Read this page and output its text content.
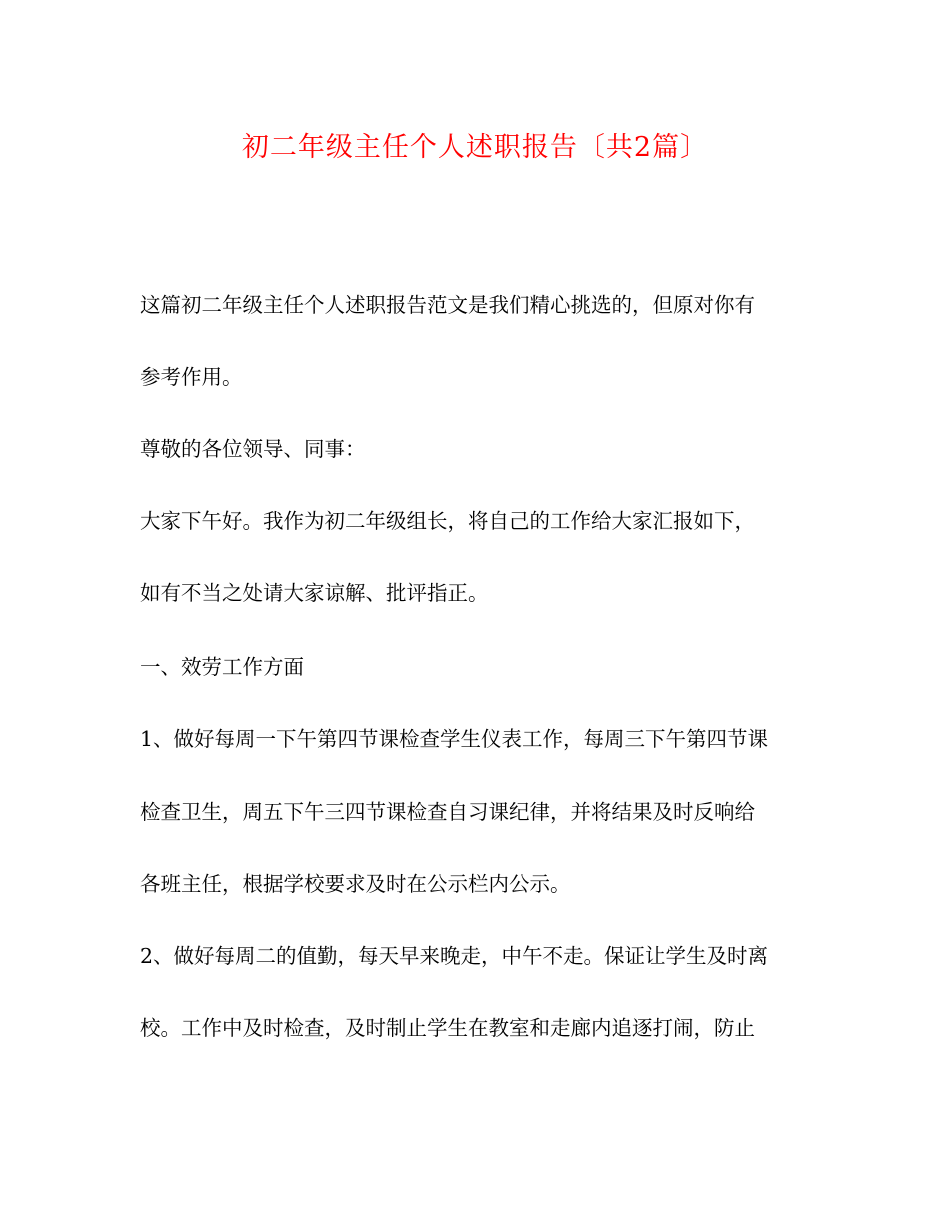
初二年级主任个人述职报告〔共2篇〕
这篇初二年级主任个人述职报告范文是我们精心挑选的，但原对你有
参考作用。
尊敬的各位领导、同事：
大家下午好。我作为初二年级组长，将自己的工作给大家汇报如下，
如有不当之处请大家谅解、批评指正。
一、效劳工作方面
1、做好每周一下午第四节课检查学生仪表工作，每周三下午第四节课
检查卫生，周五下午三四节课检查自习课纪律，并将结果及时反响给
各班主任，根据学校要求及时在公示栏内公示。
2、做好每周二的值勤，每天早来晚走，中午不走。保证让学生及时离
校。工作中及时检查，及时制止学生在教室和走廊内追逐打闹，防止
